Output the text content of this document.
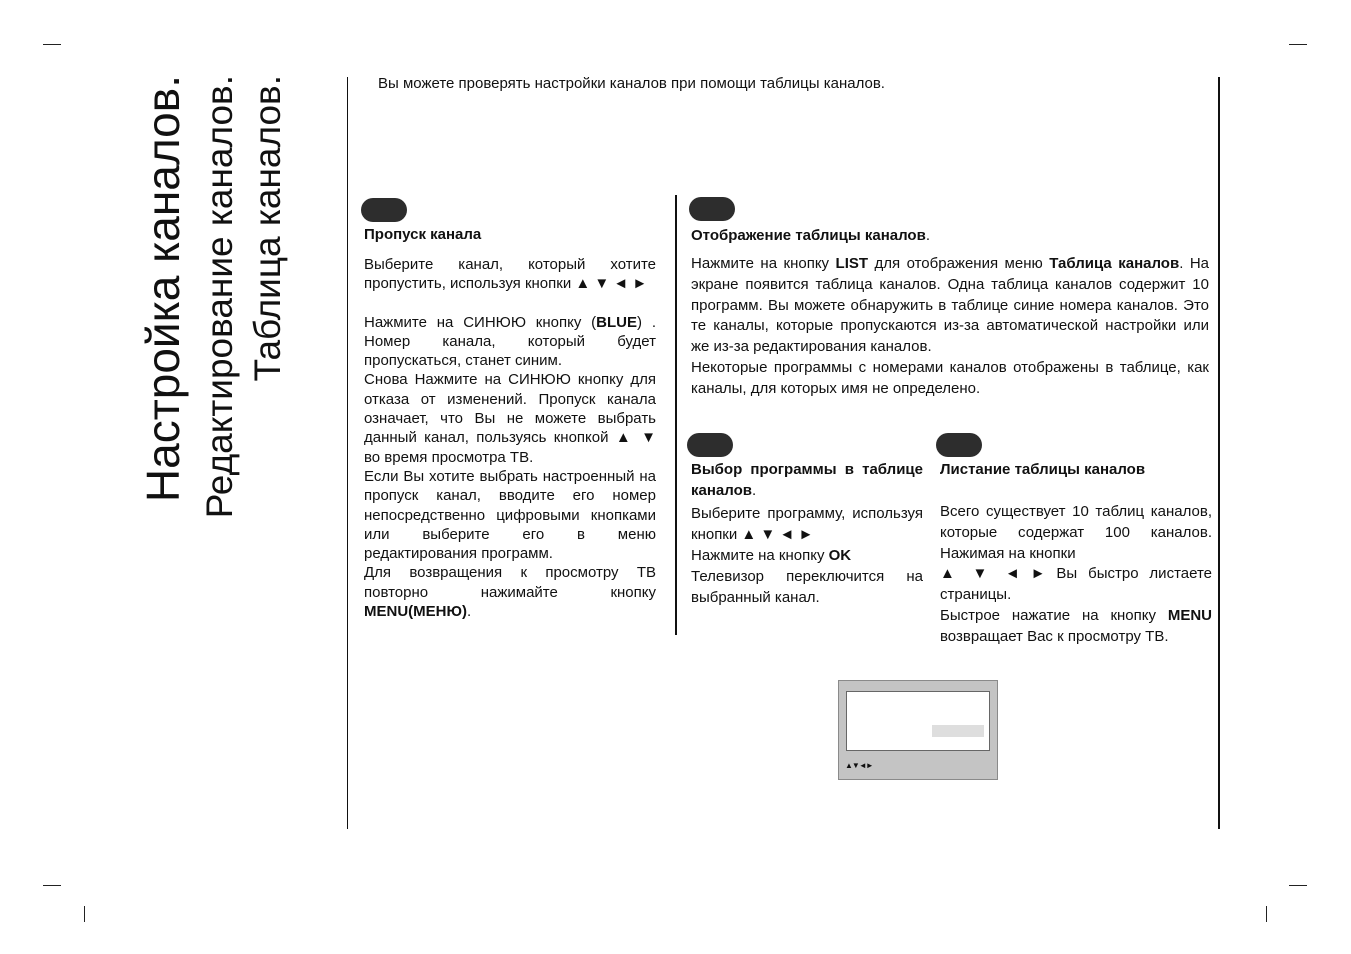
Настройка каналов. Редактирование каналов. Таблица каналов.	Вы можете проверять настройки каналов при помощи таблицы каналов.

Пропуск канала

Выберите канал, который хотите пропустить, используя кнопки ▲ ▼ ◄ ►

Нажмите на СИНЮЮ кнопку (BLUE) . Номер канала, который будет пропускаться, станет синим.

Снова Нажмите на СИНЮЮ кнопку для отказа от изменений. Пропуск канала означает, что Вы не можете выбрать данный канал, пользуясь кнопкой ▲ ▼ во время просмотра ТВ.

Если Вы хотите выбрать настроенный на пропуск канал, вводите его номер непосредственно цифровыми кнопками или выберите его в меню редактирования программ.

Для возвращения к просмотру ТВ повторно нажимайте кнопку MENU(МЕНЮ).

Отображение таблицы каналов.

Нажмите на кнопку LIST для отображения меню Таблица каналов. На экране появится таблица каналов. Одна таблица каналов содержит 10 программ. Вы можете обнаружить в таблице синие номера каналов. Это те каналы, которые пропускаются из-за автоматической настройки или же из-за редактирования каналов.

Некоторые программы с номерами каналов отображены в таблице, как каналы, для которых имя не определено.

Выбор программы в таблице каналов.

Выберите программу, используя кнопки ▲ ▼ ◄ ►

Нажмите на кнопку OK

Телевизор переключится на выбранный канал.

Листание таблицы каналов

Всего существует 10 таблиц каналов, которые содержат 100 каналов. Нажимая на кнопки

▲ ▼ ◄ ► Вы быстро листаете страницы.

Быстрое нажатие на кнопку MENU возвращает Вас к просмотру ТВ.

▲▼◄►
